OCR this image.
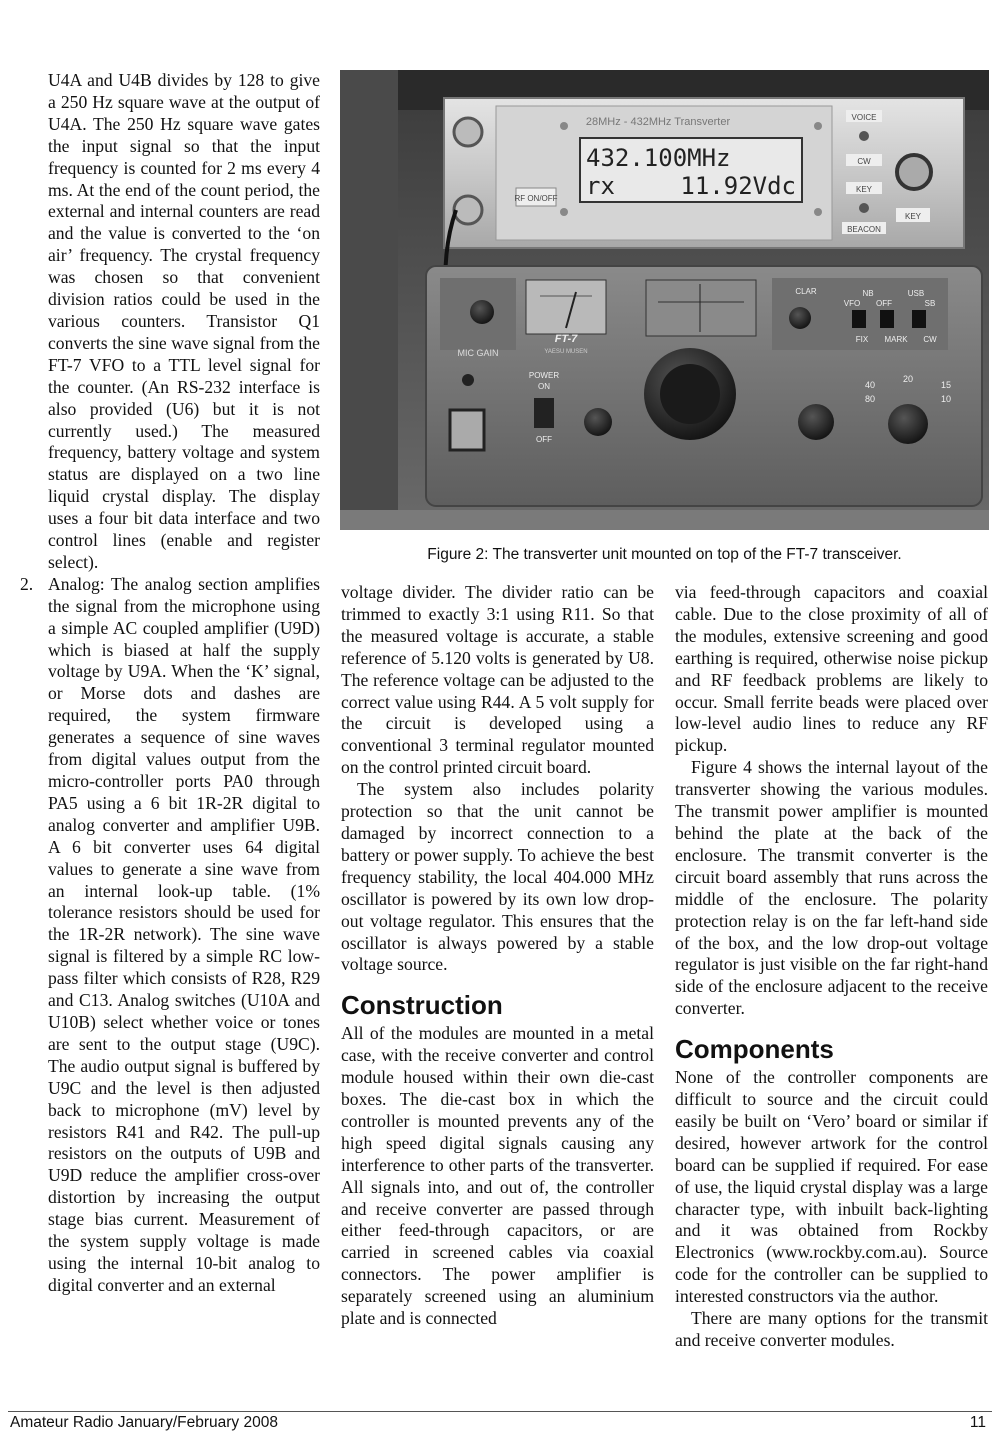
U4A and U4B divides by 128 to give a 250 Hz square wave at the output of U4A. The 250 Hz square wave gates the input signal so that the input frequency is counted for 2 ms every 4 ms. At the end of the count period, the external and internal counters are read and the value is converted to the ‘on air’ frequency. The crystal frequency was chosen so that convenient division ratios could be used in the various counters. Transistor Q1 converts the sine wave signal from the FT-7 VFO to a TTL level signal for the counter. (An RS-232 interface is also provided (U6) but it is not currently used.) The measured frequency, battery voltage and system status are displayed on a two line liquid crystal display. The display uses a four bit data interface and two control lines (enable and register select).

2. Analog: The analog section amplifies the signal from the microphone using a simple AC coupled amplifier (U9D) which is biased at half the supply voltage by U9A. When the ‘K’ signal, or Morse dots and dashes are required, the system firmware generates a sequence of sine waves from digital values output from the micro-controller ports PA0 through PA5 using a 6 bit 1R-2R digital to analog converter and amplifier U9B. A 6 bit converter uses 64 digital values to generate a sine wave from an internal look-up table. (1% tolerance resistors should be used for the 1R-2R network). The sine wave signal is filtered by a simple RC low-pass filter which consists of R28, R29 and C13. Analog switches (U10A and U10B) select whether voice or tones are sent to the output stage (U9C). The audio output signal is buffered by U9C and the level is then adjusted back to microphone (mV) level by resistors R41 and R42. The pull-up resistors on the outputs of U9B and U9D reduce the amplifier cross-over distortion by increasing the output stage bias current. Measurement of the system supply voltage is made using the internal 10-bit analog to digital converter and an external

28MHz - 432MHz Transverter
432.100MHz
rx	11.92Vdc
RF ON/OFF
VOICE
CW
KEY
BEACON
KEY
MIC GAIN
FT-7
YAESU MUSEN
CLAR	NB
VFO OFF
USB
SB
FIX MARK CW
POWER
ON
OFF
40
20
15
80	10
Figure 2: The transverter unit mounted on top of the FT-7 transceiver.

voltage divider. The divider ratio can be trimmed to exactly 3:1 using R11. So that the measured voltage is accurate, a stable reference of 5.120 volts is generated by U8. The reference voltage can be adjusted to the correct value using R44. A 5 volt supply for the circuit is developed using a conventional 3 terminal regulator mounted on the control printed circuit board.

The system also includes polarity protection so that the unit cannot be damaged by incorrect connection to a battery or power supply. To achieve the best frequency stability, the local 404.000 MHz oscillator is powered by its own low drop-out voltage regulator. This ensures that the oscillator is always powered by a stable voltage source.

Construction

All of the modules are mounted in a metal case, with the receive converter and control module housed within their own die-cast boxes. The die-cast box in which the controller is mounted prevents any of the high speed digital signals causing any interference to other parts of the transverter. All signals into, and out of, the controller and receive converter are passed through either feed-through capacitors, or are carried in screened cables via coaxial connectors. The power amplifier is separately screened using an aluminium plate and is connected

via feed-through capacitors and coaxial cable. Due to the close proximity of all of the modules, extensive screening and good earthing is required, otherwise noise pickup and RF feedback problems are likely to occur. Small ferrite beads were placed over low-level audio lines to reduce any RF pickup.

Figure 4 shows the internal layout of the transverter showing the various modules. The transmit power amplifier is mounted behind the plate at the back of the enclosure. The transmit converter is the circuit board assembly that runs across the middle of the enclosure. The polarity protection relay is on the far left-hand side of the box, and the low drop-out voltage regulator is just visible on the far right-hand side of the enclosure adjacent to the receive converter.

Components

None of the controller components are difficult to source and the circuit could easily be built on ‘Vero’ board or similar if desired, however artwork for the control board can be supplied if required. For ease of use, the liquid crystal display was a large character type, with inbuilt back-lighting and it was obtained from Rockby Electronics (www.rockby.com.au). Source code for the controller can be supplied to interested constructors via the author.

There are many options for the transmit and receive converter modules.

Amateur Radio January/February 2008	11
